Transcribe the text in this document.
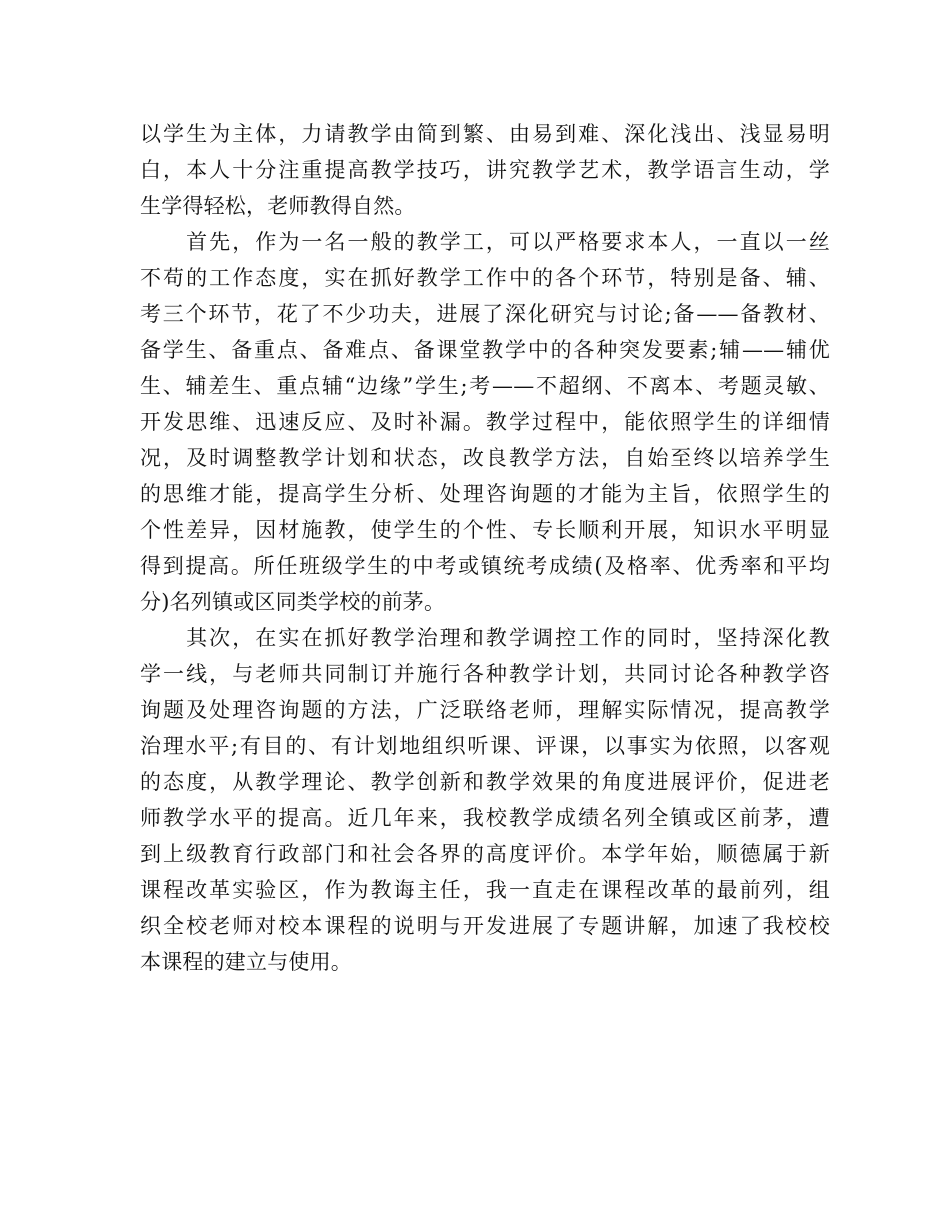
以学生为主体，力请教学由简到繁、由易到难、深化浅出、浅显易明
白，本人十分注重提高教学技巧，讲究教学艺术，教学语言生动，学
生学得轻松，老师教得自然。
　　首先，作为一名一般的教学工，可以严格要求本人，一直以一丝
不苟的工作态度，实在抓好教学工作中的各个环节，特别是备、辅、
考三个环节，花了不少功夫，进展了深化研究与讨论;备——备教材、
备学生、备重点、备难点、备课堂教学中的各种突发要素;辅——辅优
生、辅差生、重点辅“边缘”学生;考——不超纲、不离本、考题灵敏、
开发思维、迅速反应、及时补漏。教学过程中，能依照学生的详细情
况，及时调整教学计划和状态，改良教学方法，自始至终以培养学生
的思维才能，提高学生分析、处理咨询题的才能为主旨，依照学生的
个性差异，因材施教，使学生的个性、专长顺利开展，知识水平明显
得到提高。所任班级学生的中考或镇统考成绩(及格率、优秀率和平均
分)名列镇或区同类学校的前茅。
　　其次，在实在抓好教学治理和教学调控工作的同时，坚持深化教
学一线，与老师共同制订并施行各种教学计划，共同讨论各种教学咨
询题及处理咨询题的方法，广泛联络老师，理解实际情况，提高教学
治理水平;有目的、有计划地组织听课、评课，以事实为依照，以客观
的态度，从教学理论、教学创新和教学效果的角度进展评价，促进老
师教学水平的提高。近几年来，我校教学成绩名列全镇或区前茅，遭
到上级教育行政部门和社会各界的高度评价。本学年始，顺德属于新
课程改革实验区，作为教诲主任，我一直走在课程改革的最前列，组
织全校老师对校本课程的说明与开发进展了专题讲解，加速了我校校
本课程的建立与使用。
